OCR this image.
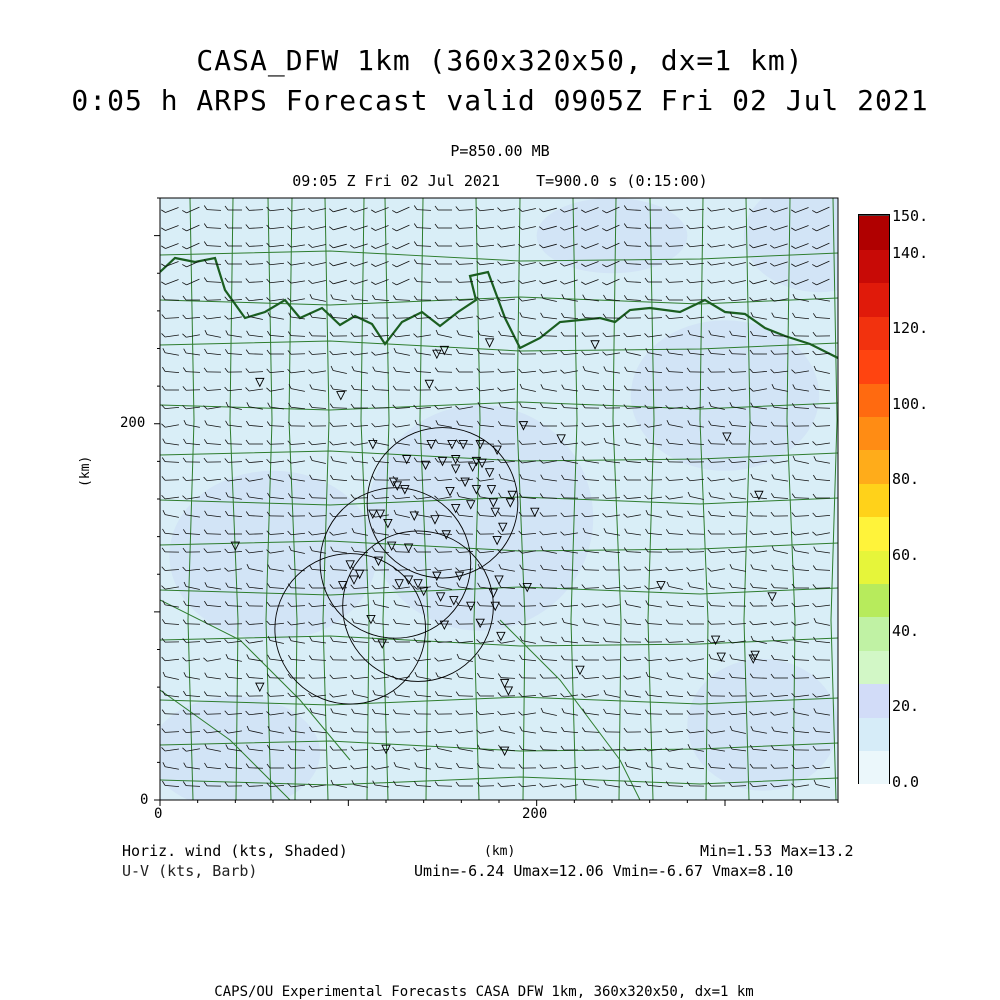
CASA_DFW 1km (360x320x50, dx=1 km)
0:05 h ARPS Forecast valid 0905Z Fri 02 Jul 2021
P=850.00 MB
09:05 Z Fri 02 Jul 2021    T=900.0 s (0:15:00)
0	200
0
200
(km)
(km)
150.
140.
120.
100.
80.
60.
40.
20.
0.0
Horiz. wind (kts, Shaded)
U-V (kts, Barb)
Min=1.53 Max=13.2
Umin=-6.24 Umax=12.06 Vmin=-6.67 Vmax=8.10
CAPS/OU Experimental Forecasts CASA DFW 1km, 360x320x50, dx=1 km
